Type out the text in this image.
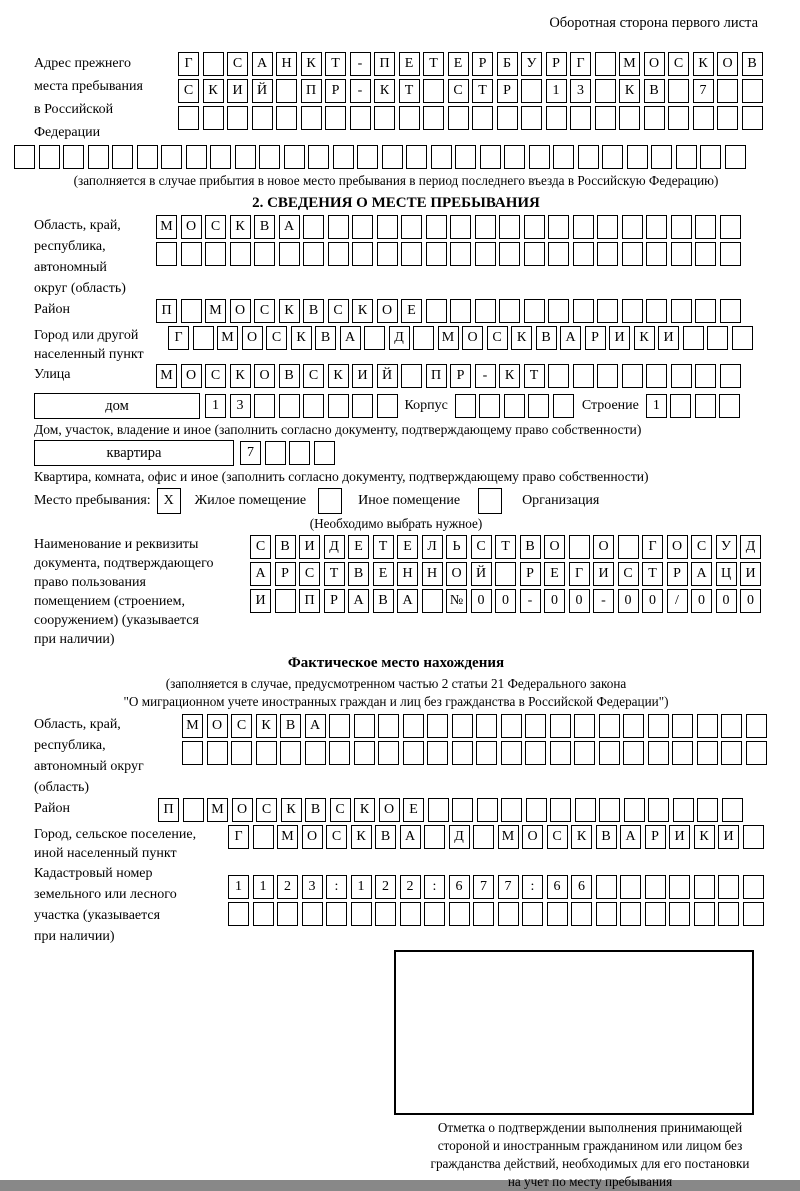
Оборотная сторона первого листа
Адрес прежнего
места пребывания
в Российской
Федерации
Г	С	А	Н	К	Т	-	П	Е	Т	Е	Р	Б	У	Р	Г	М О	С	К	О	В
С	К	И	Й	П	Р	-	К	Т	С	Т	Р	1	3	К	В	7
(заполняется в случае прибытия в новое место пребывания в период последнего въезда в Российскую Федерацию)
2. СВЕДЕНИЯ О МЕСТЕ ПРЕБЫВАНИЯ
Область, край,
республика,
автономный
округ (область)
М О	С	К	В	А
Район	П	М О	С	К	В	С	К	О	Е
Город или другой
населенный пункт
Г	М О	С	К	В	А	Д	М О	С	К	В	А	Р	И	К	И
Улица	М О	С	К	О	В	С	К	И	Й	П	Р	-	К	Т
дом	1	3	Корпус	Строение	1
Дом, участок, владение и иное (заполнить согласно документу, подтверждающему право собственности)
квартира	7
Квартира, комната, офис и иное (заполнить согласно документу, подтверждающему право собственности)
Место пребывания: X	Жилое помещение	Иное помещение	Организация
(Необходимо выбрать нужное)
Наименование и реквизиты
документа, подтверждающего
право пользования
помещением (строением,
сооружением) (указывается
при наличии)
С	В	И	Д	Е	Т	Е	Л	Ь	С	Т	В	О	О	Г	О	С	У	Д
А	Р	С	Т	В	Е	Н	Н	О	Й	Р	Е	Г	И	С	Т	Р	А	Ц	И
И	П	Р	А	В	А	№	0	0	-	0	0	-	0	0	/	0	0	0
Фактическое место нахождения
(заполняется в случае, предусмотренном частью 2 статьи 21 Федерального закона
"О миграционном учете иностранных граждан и лиц без гражданства в Российской Федерации")
Область, край,
республика,
автономный округ
(область)
М О	С	К	В	А
Район	П	М О	С	К	В	С	К	О	Е
Город, сельское поселение,
иной населенный пункт
Г	М О	С	К	В	А	Д	М О	С	К	В	А	Р	И	К	И
Кадастровый номер
земельного или лесного
участка (указывается
при наличии)
1	1	2	3	:	1	2	2	:	6	7	7	:	6	6
Отметка о подтверждении выполнения принимающей
стороной и иностранным гражданином или лицом без
гражданства действий, необходимых для его постановки
на учет по месту пребывания
